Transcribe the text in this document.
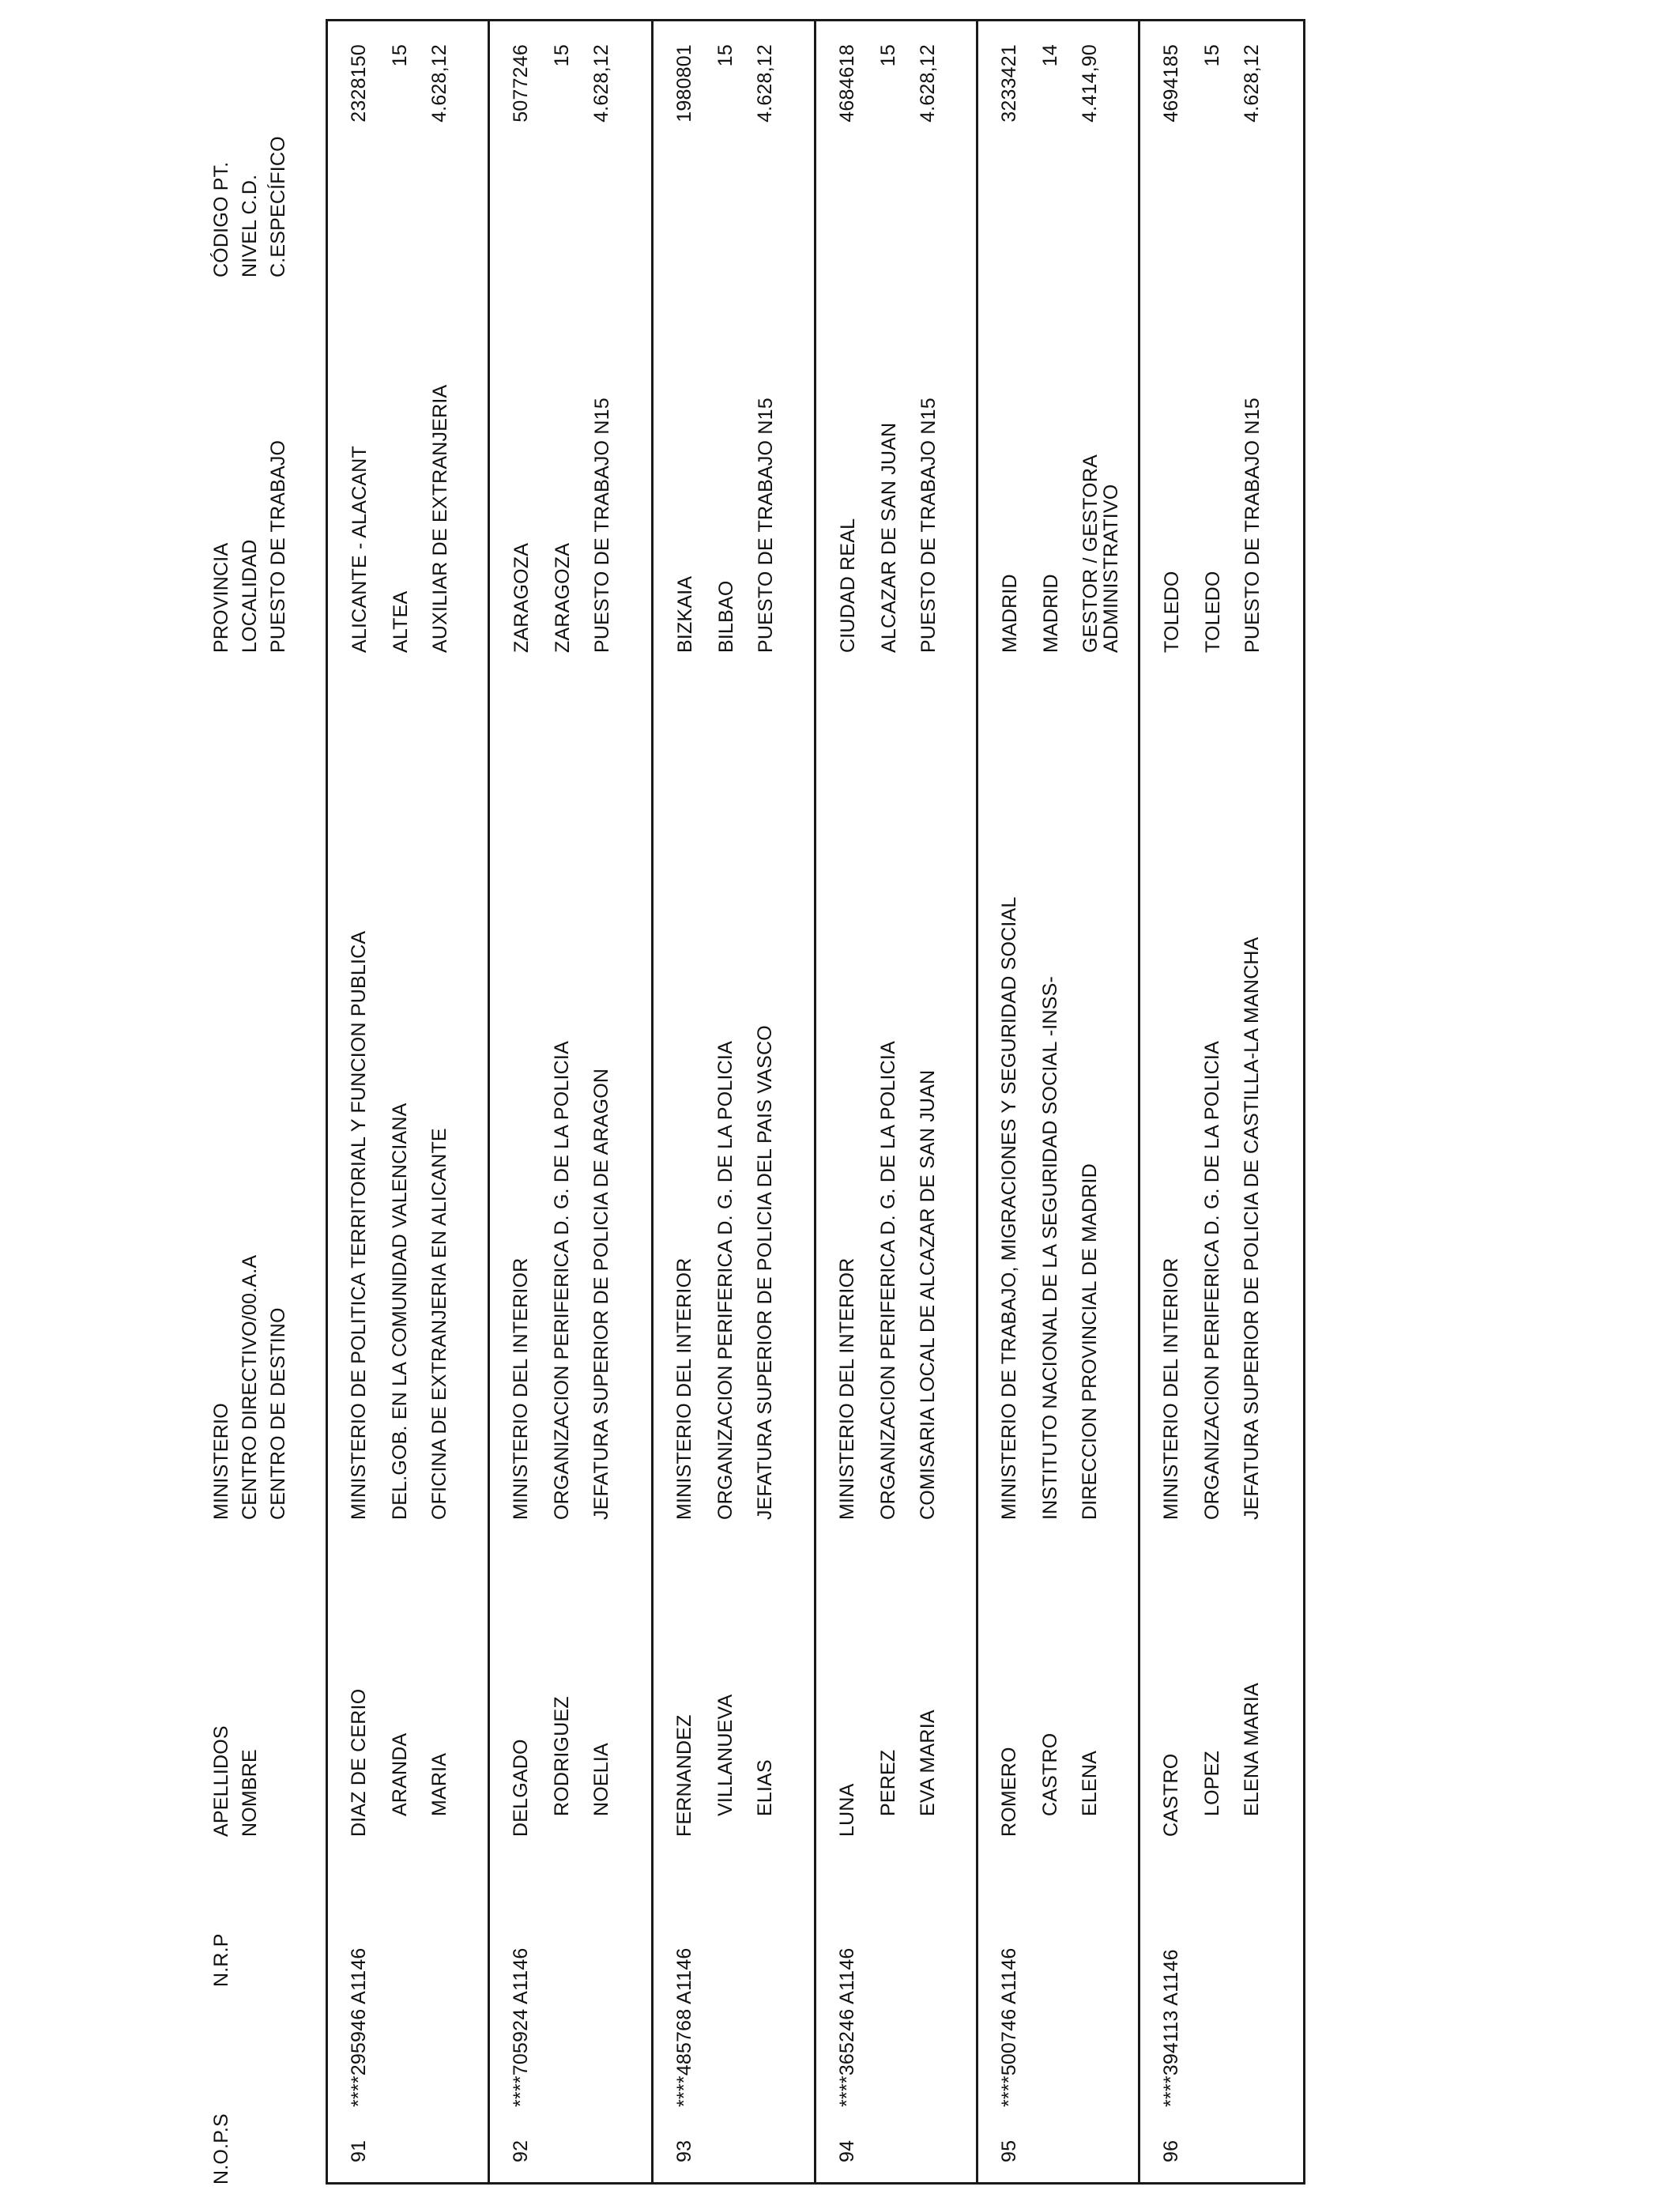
N.O.P.S
N.R.P
APELLIDOS
NOMBRE
MINISTERIO
CENTRO DIRECTIVO/00.A.A
CENTRO DE DESTINO
PROVINCIA
LOCALIDAD
PUESTO DE TRABAJO
CÓDIGO PT.
NIVEL C.D.
C.ESPECÍFICO
91
****295946 A1146
DIAZ DE CERIO ARANDA MARIA
MINISTERIO DE POLITICA TERRITORIAL Y FUNCION PUBLICA DEL.GOB. EN LA COMUNIDAD VALENCIANA OFICINA DE EXTRANJERIA EN ALICANTE
ALICANTE - ALACANT ALTEA AUXILIAR DE EXTRANJERIA
2328150 15 4.628,12
92
****705924 A1146
DELGADO RODRIGUEZ NOELIA
MINISTERIO DEL INTERIOR ORGANIZACION PERIFERICA D. G. DE LA POLICIA JEFATURA SUPERIOR DE POLICIA DE ARAGON
ZARAGOZA ZARAGOZA PUESTO DE TRABAJO N15
5077246 15 4.628,12
93
****485768 A1146
FERNANDEZ VILLANUEVA ELIAS
MINISTERIO DEL INTERIOR ORGANIZACION PERIFERICA D. G. DE LA POLICIA JEFATURA SUPERIOR DE POLICIA DEL PAIS VASCO
BIZKAIA BILBAO PUESTO DE TRABAJO N15
1980801 15 4.628,12
94
****365246 A1146
LUNA PEREZ EVA MARIA
MINISTERIO DEL INTERIOR ORGANIZACION PERIFERICA D. G. DE LA POLICIA COMISARIA LOCAL DE ALCAZAR DE SAN JUAN
CIUDAD REAL ALCAZAR DE SAN JUAN PUESTO DE TRABAJO N15
4684618 15 4.628,12
95
****500746 A1146
ROMERO CASTRO ELENA
MINISTERIO DE TRABAJO, MIGRACIONES Y SEGURIDAD SOCIAL INSTITUTO NACIONAL DE LA SEGURIDAD SOCIAL -INSS- DIRECCION PROVINCIAL DE MADRID
MADRID MADRID GESTOR / GESTORA
ADMINISTRATIVO
3233421 14 4.414,90
96
****394113 A1146
CASTRO LOPEZ ELENA MARIA
MINISTERIO DEL INTERIOR ORGANIZACION PERIFERICA D. G. DE LA POLICIA JEFATURA SUPERIOR DE POLICIA DE CASTILLA-LA MANCHA
TOLEDO TOLEDO PUESTO DE TRABAJO N15
4694185 15 4.628,12
